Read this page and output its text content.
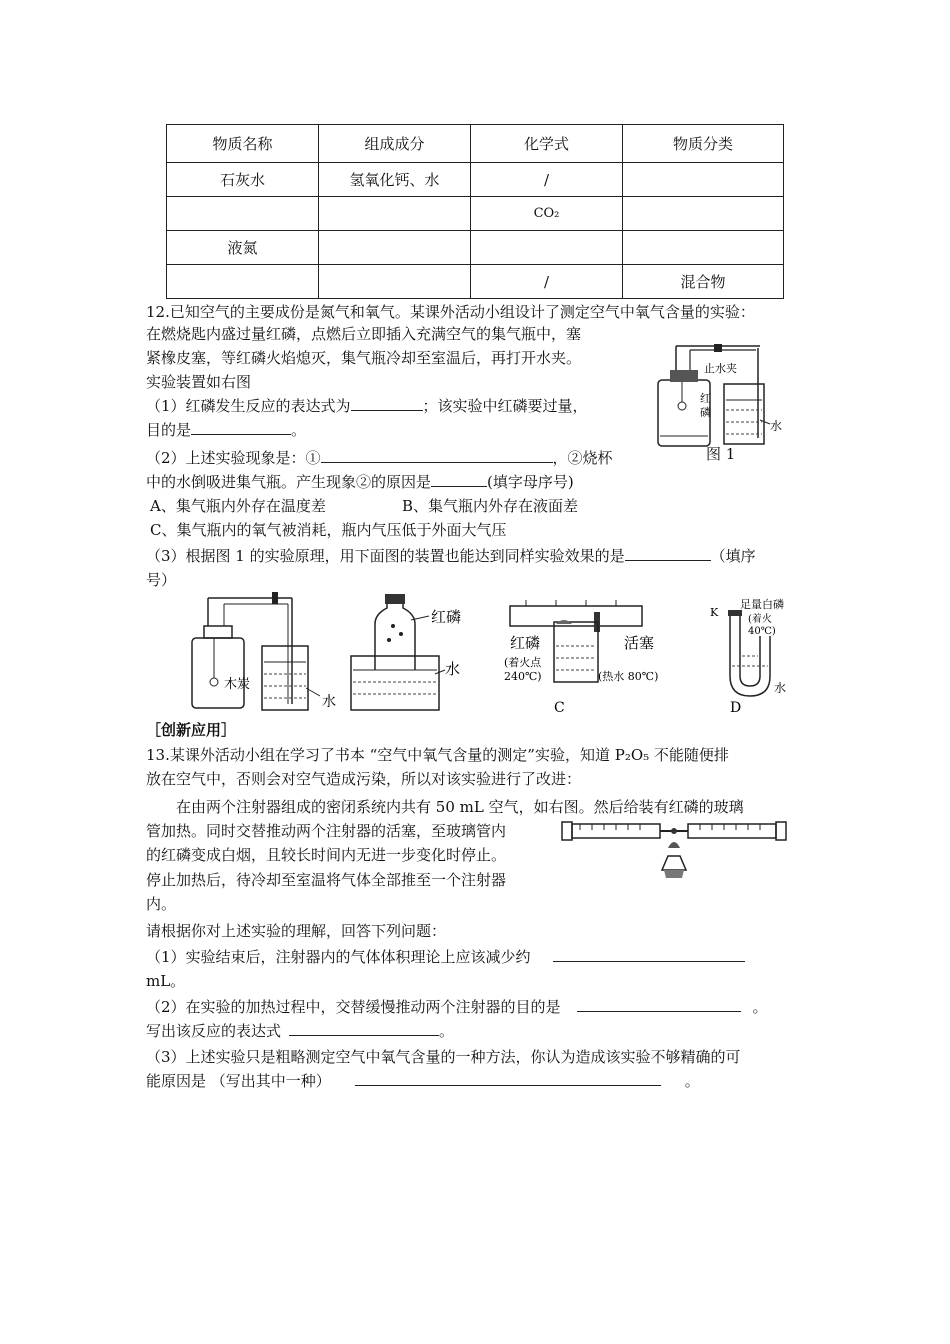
物质名称	组成成分	化学式	物质分类
石灰水	氢氧化钙、水	/	
		CO₂	
液氮			
		/	混合物
12.已知空气的主要成份是氮气和氧气。某课外活动小组设计了测定空气中氧气含量的实验：
在燃烧匙内盛过量红磷，点燃后立即插入充满空气的集气瓶中，塞
紧橡皮塞，等红磷火焰熄灭，集气瓶冷却至室温后，再打开水夹。
实验装置如右图
（1）红磷发生反应的表达式为	；该实验中红磷要过量，
目的是	。
（2）上述实验现象是：①	，②烧杯
中的水倒吸进集气瓶。产生现象②的原因是	(填字母序号)
A、集气瓶内外存在温度差	B、集气瓶内外存在液面差
C、集气瓶内的氧气被消耗，瓶内气压低于外面大气压
（3）根据图 1 的实验原理，用下面图的装置也能达到同样实验效果的是	（填序
号）
止水夹
红
磷
水
图 1
木炭
水
红磷
水
红磷
(着火点
240℃)
活塞
(热水 80℃)
C
K
足量白磷
(着火
40℃)
水
D
［创新应用］
13.某课外活动小组在学习了书本 “空气中氧气含量的测定”实验，知道 P₂O₅ 不能随便排
放在空气中，否则会对空气造成污染，所以对该实验进行了改进：
在由两个注射器组成的密闭系统内共有 50 mL 空气，如右图。然后给装有红磷的玻璃
管加热。同时交替推动两个注射器的活塞，至玻璃管内
的红磷变成白烟，且较长时间内无进一步变化时停止。
停止加热后，待冷却至室温将气体全部推至一个注射器
内。
请根据你对上述实验的理解，回答下列问题：
（1）实验结束后，注射器内的气体体积理论上应该减少约
mL。
（2）在实验的加热过程中，交替缓慢推动两个注射器的目的是	。
写出该反应的表达式	。
（3）上述实验只是粗略测定空气中氧气含量的一种方法，你认为造成该实验不够精确的可
能原因是 （写出其中一种）	。
